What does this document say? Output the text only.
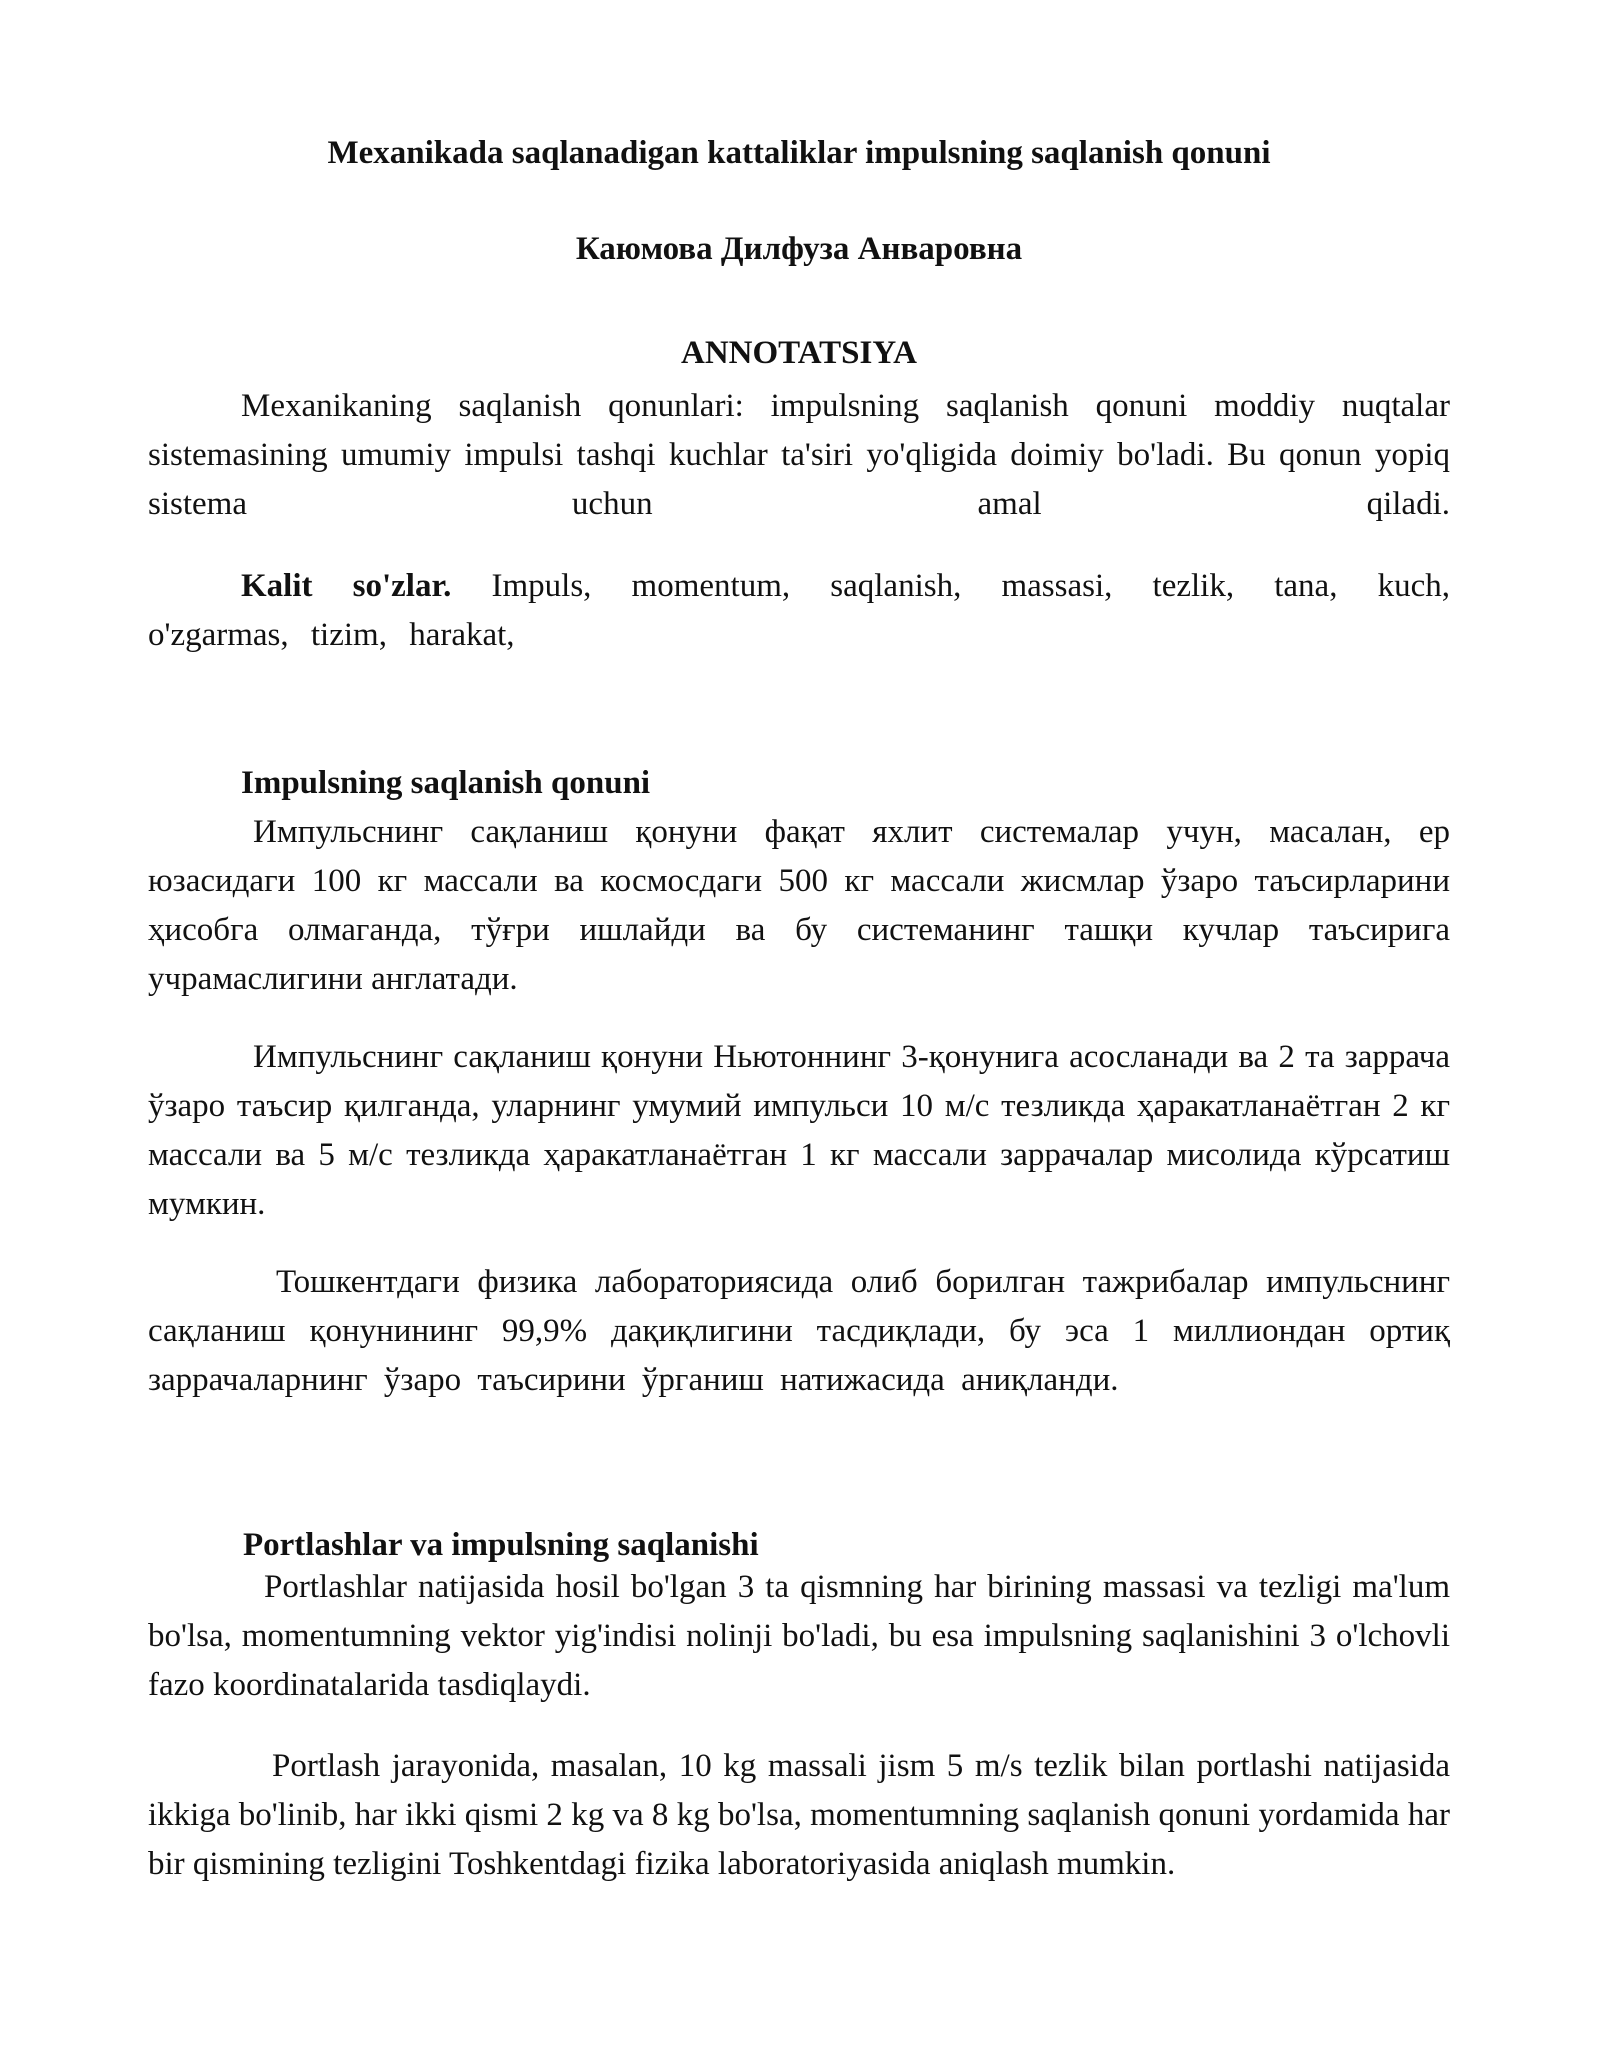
Mexanikada saqlanadigan kattaliklar impulsning saqlanish qonuni
Каюмова Дилфуза Анваровна
ANNOTATSIYA

Mexanikaning saqlanish qonunlari: impulsning saqlanish qonuni moddiy nuqtalar sistemasining umumiy impulsi tashqi kuchlar ta'siri yo'qligida doimiy bo'ladi. Bu qonun yopiq sistema uchun amal qiladi.

Kalit so'zlar. Impuls, momentum, saqlanish, massasi, tezlik, tana, kuch, o'zgarmas, tizim, harakat,

Impulsning saqlanish qonuni

Импульснинг сақланиш қонуни фақат яхлит системалар учун, масалан, ер юзасидаги 100 кг массали ва космосдаги 500 кг массали жисмлар ўзаро таъсирларини ҳисобга олмаганда, тўғри ишлайди ва бу системанинг ташқи кучлар таъсирига учрамаслигини англатади.

Импульснинг сақланиш қонуни Ньютоннинг 3-қонунига асосланади ва 2 та заррача ўзаро таъсир қилганда, уларнинг умумий импульси 10 м/с тезликда ҳаракатланаётган 2 кг массали ва 5 м/с тезликда ҳаракатланаётган 1 кг массали заррачалар мисолида кўрсатиш мумкин.

Тошкентдаги физика лабораториясида олиб борилган тажрибалар импульснинг сақланиш қонунининг 99,9% дақиқлигини тасдиқлади, бу эса 1 миллиондан ортиқ заррачаларнинг ўзаро таъсирини ўрганиш натижасида аниқланди.

Portlashlar va impulsning saqlanishi

Portlashlar natijasida hosil bo'lgan 3 ta qismning har birining massasi va tezligi ma'lum bo'lsa, momentumning vektor yig'indisi nolinji bo'ladi, bu esa impulsning saqlanishini 3 o'lchovli fazo koordinatalarida tasdiqlaydi.

Portlash jarayonida, masalan, 10 kg massali jism 5 m/s tezlik bilan portlashi natijasida ikkiga bo'linib, har ikki qismi 2 kg va 8 kg bo'lsa, momentumning saqlanish qonuni yordamida har bir qismining tezligini Toshkentdagi fizika laboratoriyasida aniqlash mumkin.
